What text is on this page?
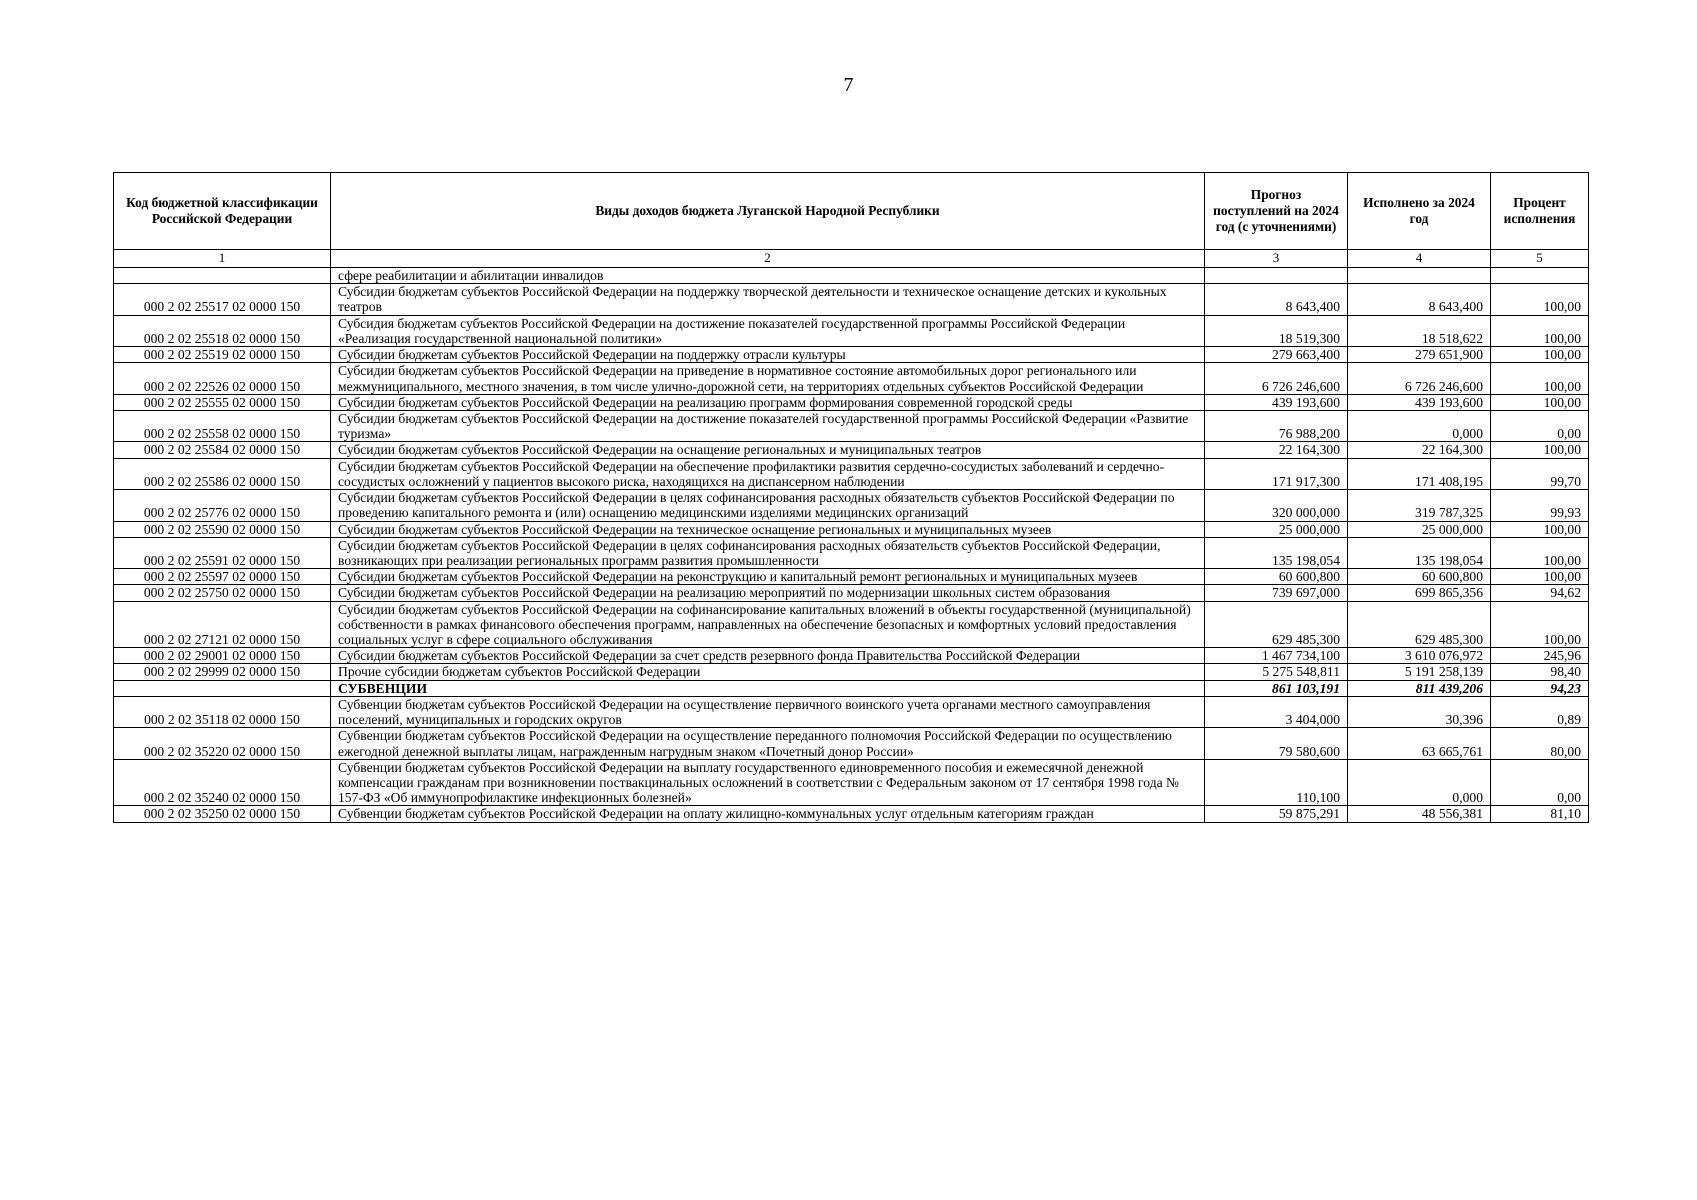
7
Код бюджетной классификации Российской Федерации	Виды доходов бюджета Луганской Народной Республики	Прогноз поступлений на 2024 год (с уточнениями)	Исполнено за 2024 год	Процент исполнения
1	2	3	4	5
	сфере реабилитации и абилитации инвалидов			
000 2 02 25517 02 0000 150	Субсидии бюджетам субъектов Российской Федерации на поддержку творческой деятельности и техническое оснащение детских и кукольных театров	8 643,400	8 643,400	100,00
000 2 02 25518 02 0000 150	Субсидия бюджетам субъектов Российской Федерации на достижение показателей государственной программы Российской Федерации «Реализация государственной национальной политики»	18 519,300	18 518,622	100,00
000 2 02 25519 02 0000 150	Субсидии бюджетам субъектов Российской Федерации на поддержку отрасли культуры	279 663,400	279 651,900	100,00
000 2 02 22526 02 0000 150	Субсидии бюджетам субъектов Российской Федерации на приведение в нормативное состояние автомобильных дорог регионального или межмуниципального, местного значения, в том числе улично-дорожной сети, на территориях отдельных субъектов Российской Федерации	6 726 246,600	6 726 246,600	100,00
000 2 02 25555 02 0000 150	Субсидии бюджетам субъектов Российской Федерации на реализацию программ формирования современной городской среды	439 193,600	439 193,600	100,00
000 2 02 25558 02 0000 150	Субсидии бюджетам субъектов Российской Федерации на достижение показателей государственной программы Российской Федерации «Развитие туризма»	76 988,200	0,000	0,00
000 2 02 25584 02 0000 150	Субсидии бюджетам субъектов Российской Федерации на оснащение региональных и муниципальных театров	22 164,300	22 164,300	100,00
000 2 02 25586 02 0000 150	Субсидии бюджетам субъектов Российской Федерации на обеспечение профилактики развития сердечно-сосудистых заболеваний и сердечно-сосудистых осложнений у пациентов высокого риска, находящихся на диспансерном наблюдении	171 917,300	171 408,195	99,70
000 2 02 25776 02 0000 150	Субсидии бюджетам субъектов Российской Федерации в целях софинансирования расходных обязательств субъектов Российской Федерации по проведению капитального ремонта и (или) оснащению медицинскими изделиями медицинских организаций	320 000,000	319 787,325	99,93
000 2 02 25590 02 0000 150	Субсидии бюджетам субъектов Российской Федерации на техническое оснащение региональных и муниципальных музеев	25 000,000	25 000,000	100,00
000 2 02 25591 02 0000 150	Субсидии бюджетам субъектов Российской Федерации в целях софинансирования расходных обязательств субъектов Российской Федерации, возникающих при реализации региональных программ развития промышленности	135 198,054	135 198,054	100,00
000 2 02 25597 02 0000 150	Субсидии бюджетам субъектов Российской Федерации на реконструкцию и капитальный ремонт региональных и муниципальных музеев	60 600,800	60 600,800	100,00
000 2 02 25750 02 0000 150	Субсидии бюджетам субъектов Российской Федерации на реализацию мероприятий по модернизации школьных систем образования	739 697,000	699 865,356	94,62
000 2 02 27121 02 0000 150	Субсидии бюджетам субъектов Российской Федерации на софинансирование капитальных вложений в объекты государственной (муниципальной) собственности в рамках финансового обеспечения программ, направленных на обеспечение безопасных и комфортных условий предоставления социальных услуг в сфере социального обслуживания	629 485,300	629 485,300	100,00
000 2 02 29001 02 0000 150	Субсидии бюджетам субъектов Российской Федерации за счет средств резервного фонда Правительства Российской Федерации	1 467 734,100	3 610 076,972	245,96
000 2 02 29999 02 0000 150	Прочие субсидии бюджетам субъектов Российской Федерации	5 275 548,811	5 191 258,139	98,40
	СУБВЕНЦИИ	861 103,191	811 439,206	94,23
000 2 02 35118 02 0000 150	Субвенции бюджетам субъектов Российской Федерации на осуществление первичного воинского учета органами местного самоуправления поселений, муниципальных и городских округов	3 404,000	30,396	0,89
000 2 02 35220 02 0000 150	Субвенции бюджетам субъектов Российской Федерации на осуществление переданного полномочия Российской Федерации по осуществлению ежегодной денежной выплаты лицам, награжденным нагрудным знаком «Почетный донор России»	79 580,600	63 665,761	80,00
000 2 02 35240 02 0000 150	Субвенции бюджетам субъектов Российской Федерации на выплату государственного единовременного пособия и ежемесячной денежной компенсации гражданам при возникновении поствакцинальных осложнений в соответствии с Федеральным законом от 17 сентября 1998 года № 157-ФЗ «Об иммунопрофилактике инфекционных болезней»	110,100	0,000	0,00
000 2 02 35250 02 0000 150	Субвенции бюджетам субъектов Российской Федерации на оплату жилищно-коммунальных услуг отдельным категориям граждан	59 875,291	48 556,381	81,10
